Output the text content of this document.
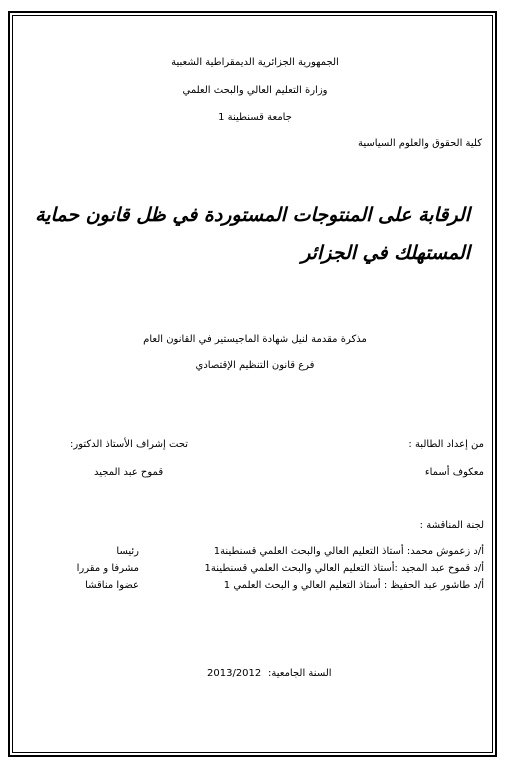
الجمهورية الجزائرية الديمقراطية الشعبية
وزارة التعليم العالي والبحث العلمي
جامعة قسنطينة 1
كلية الحقوق والعلوم السياسية
الرقابة على المنتوجات المستوردة في ظل قانون حماية المستهلك في الجزائر
مذكرة مقدمة لنيل شهادة الماجيستير في القانون العام
فرع قانون التنظيم الإقتصادي
من إعداد الطالبة :
تحت إشراف الأستاذ الدكتور:
معكوف أسماء
قموح عبد المجيد
لجنة المناقشة :
أ/د زعموش محمد: أستاذ التعليم العالي والبحث العلمي قسنطينة1
رئيسا
أ/د قموح عبد المجيد :أستاذ التعليم العالي والبحث العلمي قسنطينة1
مشرفا و مقررا
أ/د طاشور عبد الحفيظ : أستاذ التعليم العالي و البحث العلمي 1
عضوا مناقشا
السنة الجامعية:
2013/2012
